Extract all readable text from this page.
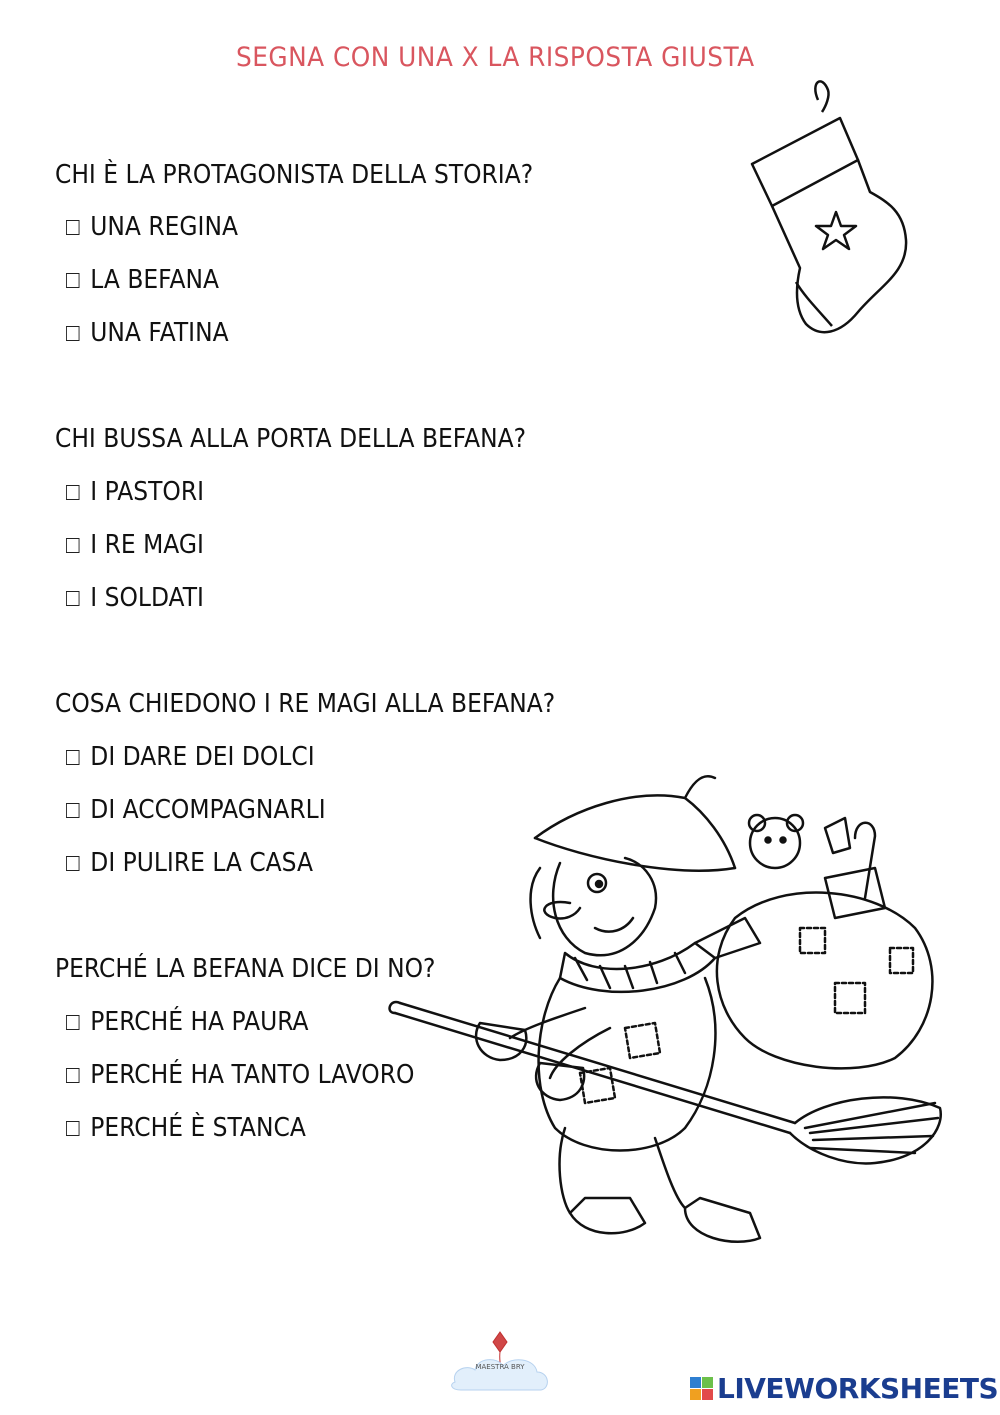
SEGNA CON UNA X LA RISPOSTA GIUSTA
CHI È LA PROTAGONISTA DELLA STORIA?
UNA REGINA
LA BEFANA
UNA FATINA
CHI BUSSA ALLA PORTA DELLA BEFANA?
I PASTORI
I RE MAGI
I SOLDATI
COSA CHIEDONO I RE MAGI ALLA BEFANA?
DI DARE DEI DOLCI
DI ACCOMPAGNARLI
DI PULIRE LA CASA
PERCHÉ LA BEFANA DICE DI NO?
PERCHÉ HA PAURA
PERCHÉ HA TANTO LAVORO
PERCHÉ È STANCA
MAESTRA BRY
LIVEWORKSHEETS
